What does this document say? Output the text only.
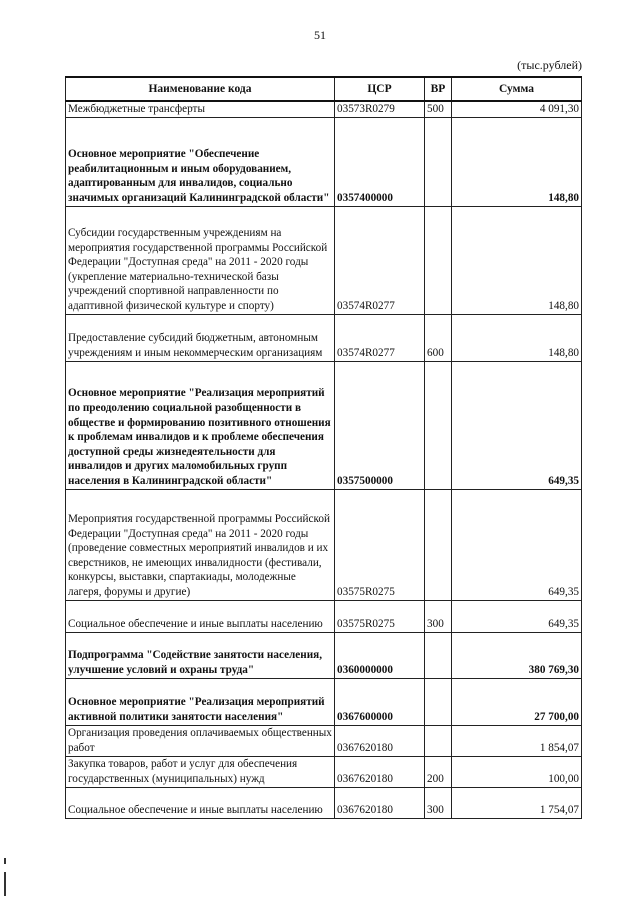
51
(тыс.рублей)
Наименование кода	ЦСР	ВР	Сумма
Межбюджетные трансферты	03573R0279	500	4 091,30
Основное мероприятие "Обеспечение реабилитационным и иным оборудованием, адаптированным для инвалидов, социально значимых организаций Калининградской области"	0357400000		148,80
Субсидии государственным учреждениям на мероприятия государственной программы Российской Федерации "Доступная среда" на 2011 - 2020 годы (укрепление материально-технической базы учреждений спортивной направленности по адаптивной физической культуре и спорту)	03574R0277		148,80
Предоставление субсидий бюджетным, автономным учреждениям и иным некоммерческим организациям	03574R0277	600	148,80
Основное мероприятие "Реализация мероприятий по преодолению социальной разобщенности в обществе и формированию позитивного отношения к проблемам инвалидов и к проблеме обеспечения доступной среды жизнедеятельности для инвалидов и других маломобильных групп населения в Калининградской области"	0357500000		649,35
Мероприятия государственной программы Российской Федерации "Доступная среда" на 2011 - 2020 годы (проведение совместных мероприятий инвалидов и их сверстников, не имеющих инвалидности (фестивали, конкурсы, выставки, спартакиады, молодежные лагеря, форумы и другие)	03575R0275		649,35
Социальное обеспечение и иные выплаты населению	03575R0275	300	649,35
Подпрограмма "Содействие занятости населения, улучшение условий и охраны труда"	0360000000		380 769,30
Основное мероприятие "Реализация мероприятий активной политики занятости населения"	0367600000		27 700,00
Организация проведения оплачиваемых общественных работ	0367620180		1 854,07
Закупка товаров, работ и услуг для обеспечения государственных (муниципальных) нужд	0367620180	200	100,00
Социальное обеспечение и иные выплаты населению	0367620180	300	1 754,07
